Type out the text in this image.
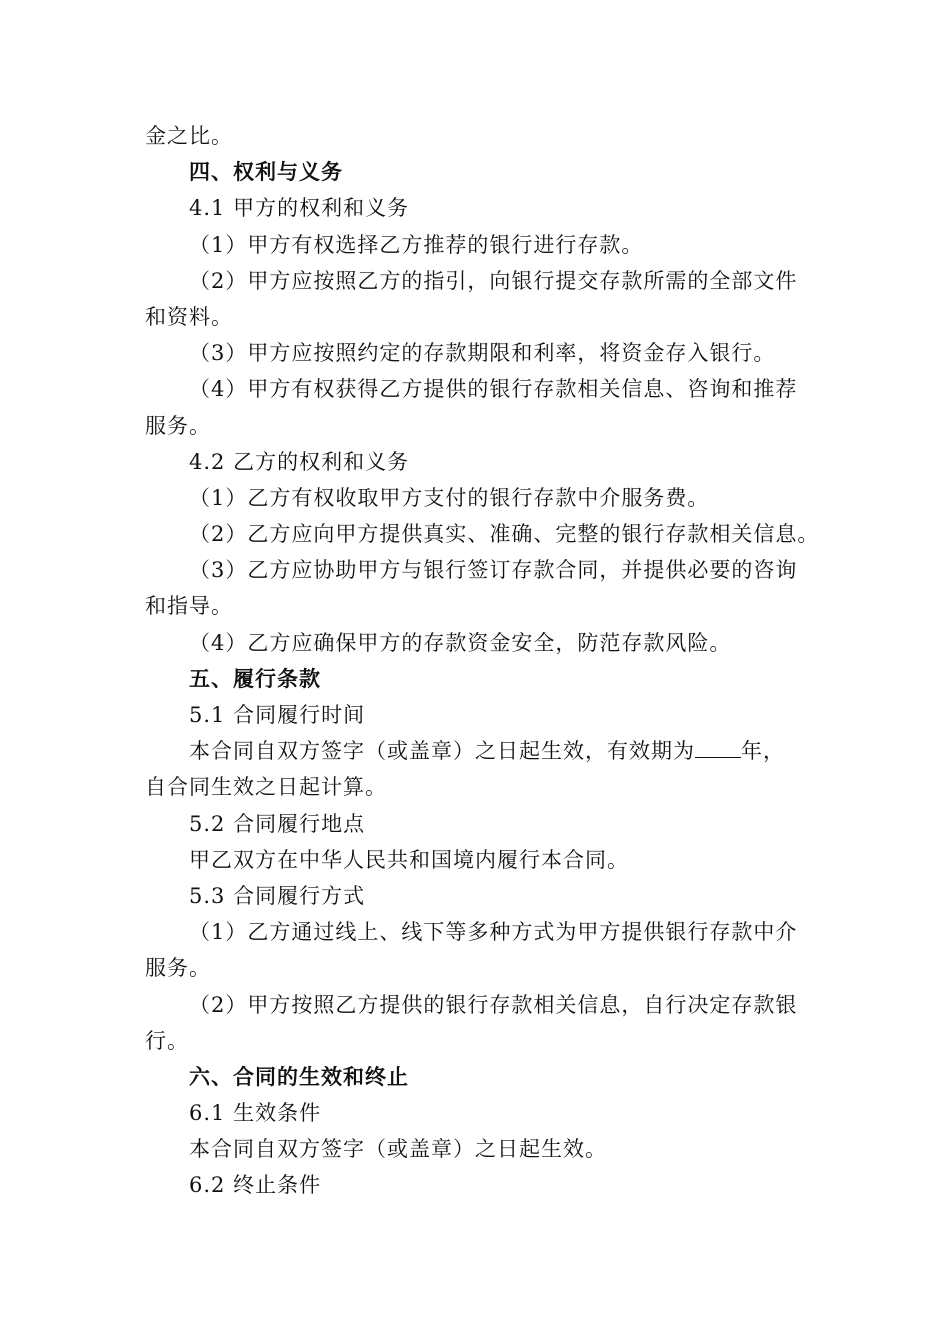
金之比。
四、权利与义务
4.1 甲方的权利和义务
（1）甲方有权选择乙方推荐的银行进行存款。
（2）甲方应按照乙方的指引，向银行提交存款所需的全部文件
和资料。
（3）甲方应按照约定的存款期限和利率，将资金存入银行。
（4）甲方有权获得乙方提供的银行存款相关信息、咨询和推荐
服务。
4.2 乙方的权利和义务
（1）乙方有权收取甲方支付的银行存款中介服务费。
（2）乙方应向甲方提供真实、准确、完整的银行存款相关信息。
（3）乙方应协助甲方与银行签订存款合同，并提供必要的咨询
和指导。
（4）乙方应确保甲方的存款资金安全，防范存款风险。
五、履行条款
5.1 合同履行时间
本合同自双方签字（或盖章）之日起生效，有效期为 年，
自合同生效之日起计算。
5.2 合同履行地点
甲乙双方在中华人民共和国境内履行本合同。
5.3 合同履行方式
（1）乙方通过线上、线下等多种方式为甲方提供银行存款中介
服务。
（2）甲方按照乙方提供的银行存款相关信息，自行决定存款银
行。
六、合同的生效和终止
6.1 生效条件
本合同自双方签字（或盖章）之日起生效。
6.2 终止条件
